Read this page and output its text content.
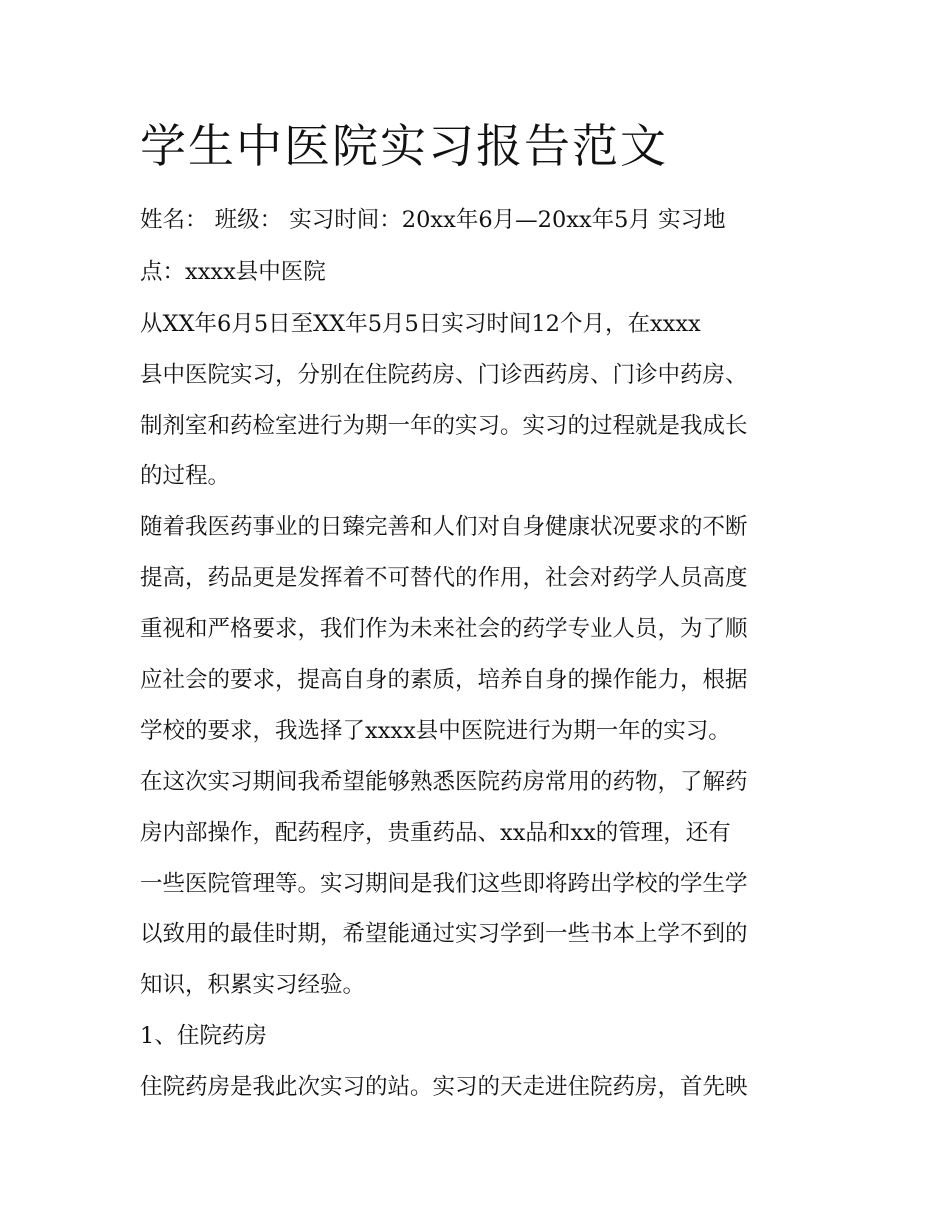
学生中医院实习报告范文

姓名： 班级： 实习时间：20xx年6月—20xx年5月 实习地

点：xxxx县中医院

从XX年6月5日至XX年5月5日实习时间12个月，在xxxx

县中医院实习，分别在住院药房、门诊西药房、门诊中药房、

制剂室和药检室进行为期一年的实习。实习的过程就是我成长

的过程。

随着我医药事业的日臻完善和人们对自身健康状况要求的不断

提高，药品更是发挥着不可替代的作用，社会对药学人员高度

重视和严格要求，我们作为未来社会的药学专业人员，为了顺

应社会的要求，提高自身的素质，培养自身的操作能力，根据

学校的要求，我选择了xxxx县中医院进行为期一年的实习。

在这次实习期间我希望能够熟悉医院药房常用的药物，了解药

房内部操作，配药程序，贵重药品、xx品和xx的管理，还有

一些医院管理等。实习期间是我们这些即将跨出学校的学生学

以致用的最佳时期，希望能通过实习学到一些书本上学不到的

知识，积累实习经验。

1、住院药房

住院药房是我此次实习的站。实习的天走进住院药房，首先映
